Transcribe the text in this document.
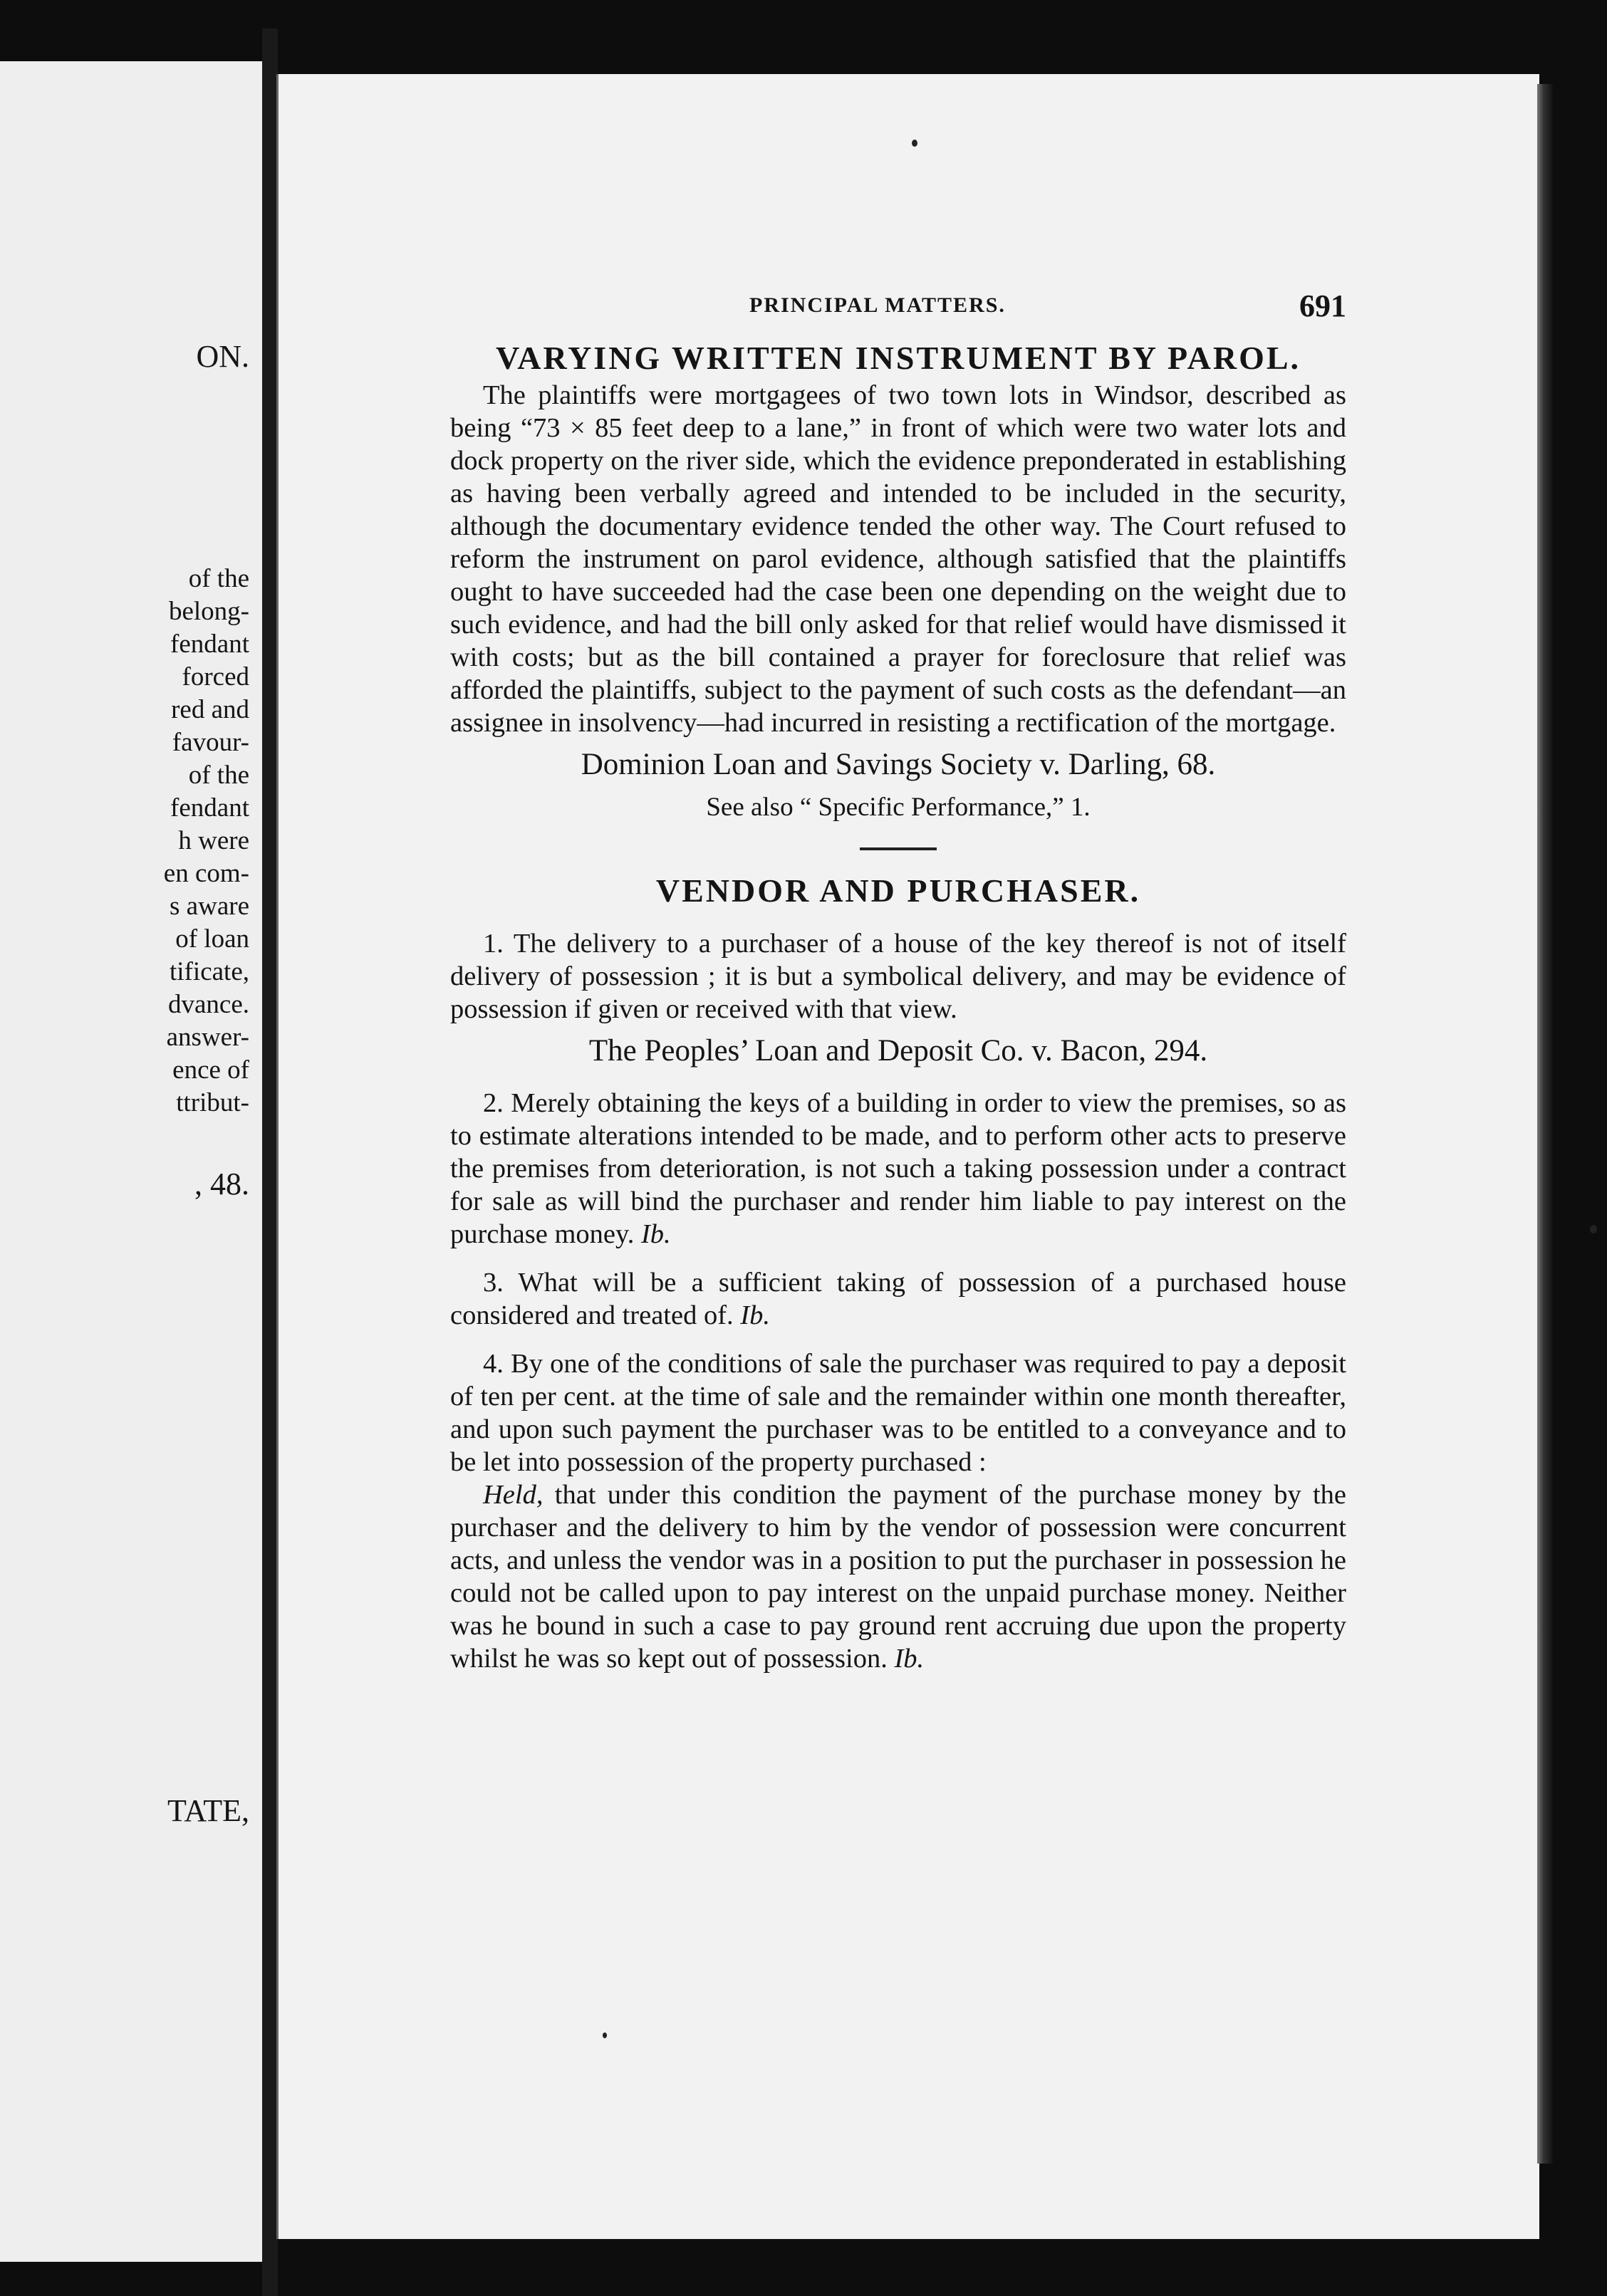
ON.
of the
belong-
fendant
forced
red and
favour-
of the
fendant
h were
en com-
s aware
of loan
tificate,
dvance.
answer-
ence of
ttribut-
, 48.
TATE,
PRINCIPAL MATTERS.	691
VARYING WRITTEN INSTRUMENT BY PAROL.

The plaintiffs were mortgagees of two town lots in Windsor, described as being “73 × 85 feet deep to a lane,” in front of which were two water lots and dock property on the river side, which the evidence preponderated in establishing as having been verbally agreed and intended to be included in the security, although the documentary evidence tended the other way. The Court refused to reform the instrument on parol evidence, although satisfied that the plaintiffs ought to have succeeded had the case been one depending on the weight due to such evidence, and had the bill only asked for that relief would have dismissed it with costs; but as the bill contained a prayer for foreclosure that relief was afforded the plaintiffs, subject to the payment of such costs as the defendant—an assignee in insolvency—had incurred in resisting a rectification of the mortgage.

Dominion Loan and Savings Society v. Darling, 68.

See also “ Specific Performance,” 1.

VENDOR AND PURCHASER.

1. The delivery to a purchaser of a house of the key thereof is not of itself delivery of possession ; it is but a symbolical delivery, and may be evidence of possession if given or received with that view.

The Peoples’ Loan and Deposit Co. v. Bacon, 294.

2. Merely obtaining the keys of a building in order to view the premises, so as to estimate alterations intended to be made, and to perform other acts to preserve the premises from deterioration, is not such a taking possession under a contract for sale as will bind the purchaser and render him liable to pay interest on the purchase money. Ib.

3. What will be a sufficient taking of possession of a purchased house considered and treated of. Ib.

4. By one of the conditions of sale the purchaser was required to pay a deposit of ten per cent. at the time of sale and the remainder within one month thereafter, and upon such payment the purchaser was to be entitled to a conveyance and to be let into possession of the property purchased :

Held, that under this condition the payment of the purchase money by the purchaser and the delivery to him by the vendor of possession were concurrent acts, and unless the vendor was in a position to put the purchaser in possession he could not be called upon to pay interest on the unpaid purchase money. Neither was he bound in such a case to pay ground rent accruing due upon the property whilst he was so kept out of possession. Ib.
